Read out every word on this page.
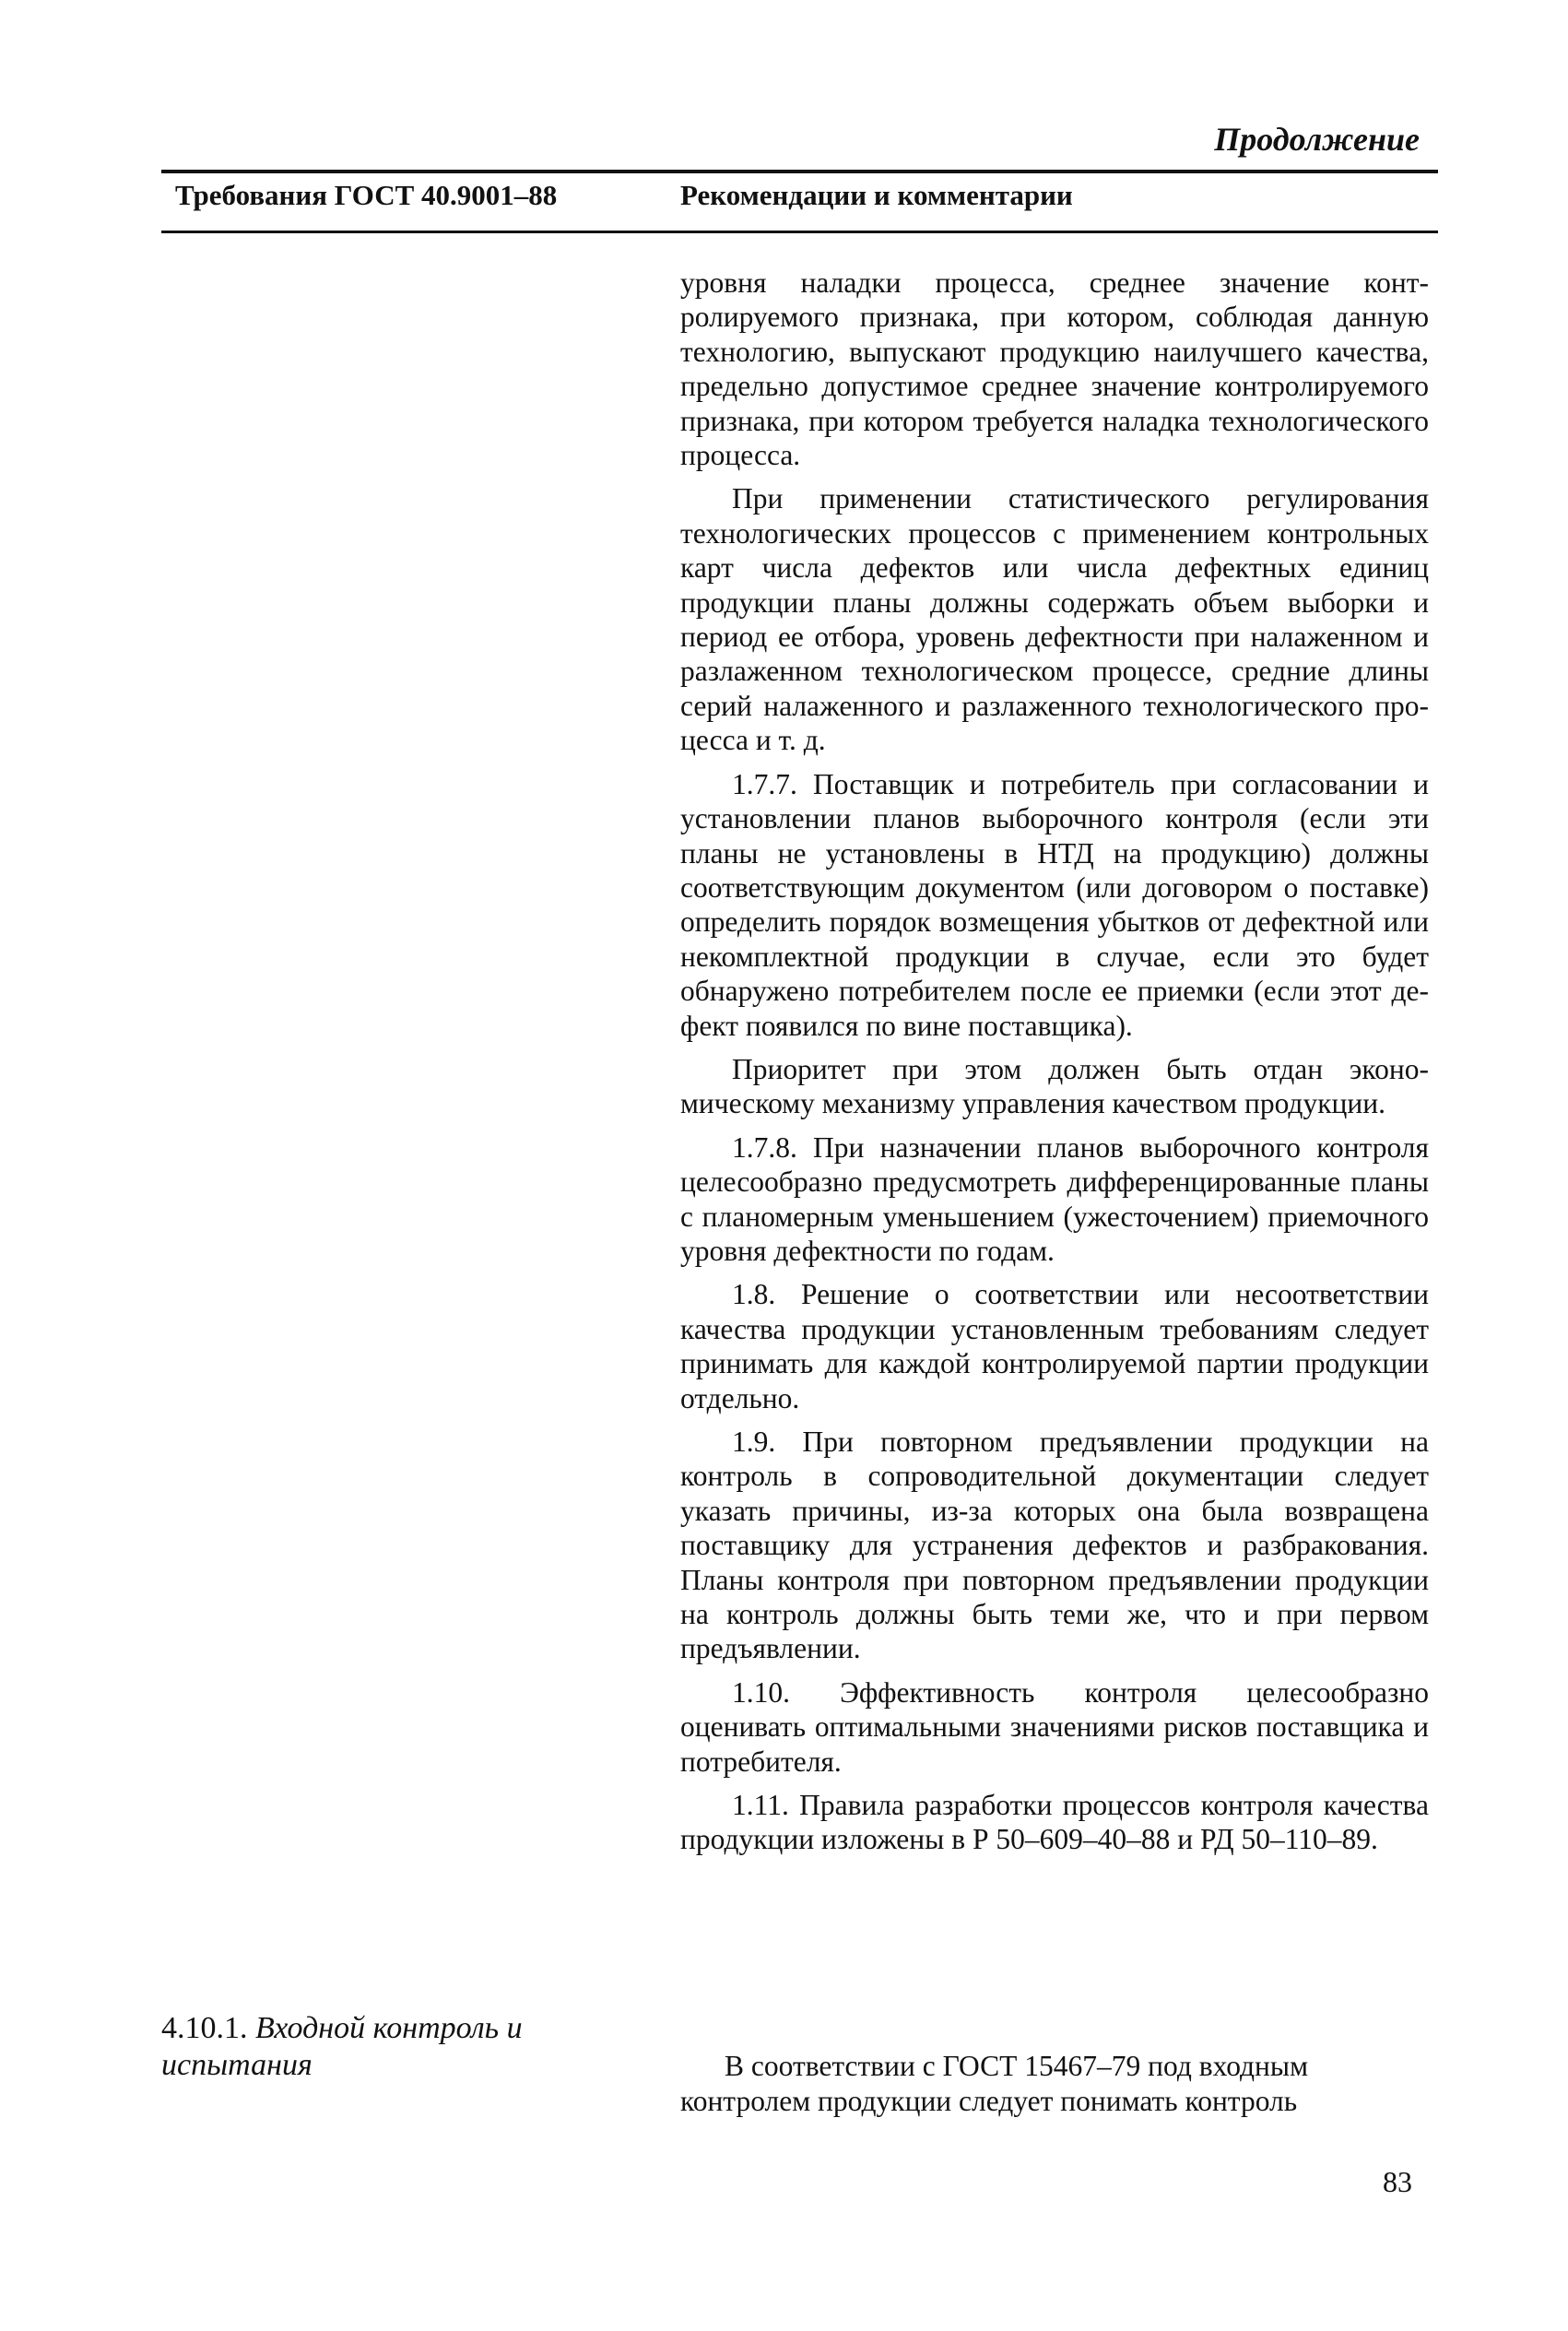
Продолжение
Требования ГОСТ 40.9001–88	Рекомендации и комментарии

уровня наладки процесса, среднее значение контролируемого признака, при котором, соблюдая данную технологию, выпускают продукцию наилучшего качества, предельно допустимое среднее значение контролируемого признака, при котором требуется наладка технологического процесса.

При применении статистического регулирования технологических процессов с применением контрольных карт числа дефектов или числа дефектных единиц продукции планы должны содержать объем выборки и период ее отбора, уровень дефектности при налаженном и разлаженном технологическом процессе, средние длины серий налаженного и разлаженного технологического процесса и т. д.

1.7.7. Поставщик и потребитель при согласовании и установлении планов выборочного контроля (если эти планы не установлены в НТД на продукцию) должны соответствующим документом (или договором о поставке) определить порядок возмещения убытков от дефектной или некомплектной продукции в случае, если это будет обнаружено потребителем после ее приемки (если этот дефект появился по вине поставщика).

Приоритет при этом должен быть отдан экономическому механизму управления качеством продукции.

1.7.8. При назначении планов выборочного контроля целесообразно предусмотреть дифференцированные планы с планомерным уменьшением (ужесточением) приемочного уровня дефектности по годам.

1.8. Решение о соответствии или несоответствии качества продукции установленным требованиям следует принимать для каждой контролируемой партии продукции отдельно.

1.9. При повторном предъявлении продукции на контроль в сопроводительной документации следует указать причины, из-за которых она была возвращена поставщику для устранения дефектов и разбракования. Планы контроля при повторном предъявлении продукции на контроль должны быть теми же, что и при первом предъявлении.

1.10. Эффективность контроля целесообразно оценивать оптимальными значениями рисков поставщика и потребителя.

1.11. Правила разработки процессов контроля качества продукции изложены в Р 50–609–40–88 и РД 50–110–89.

4.10.1. Входной контроль и испытания	В соответствии с ГОСТ 15467–79 под входным
контролем продукции следует понимать контроль
83
